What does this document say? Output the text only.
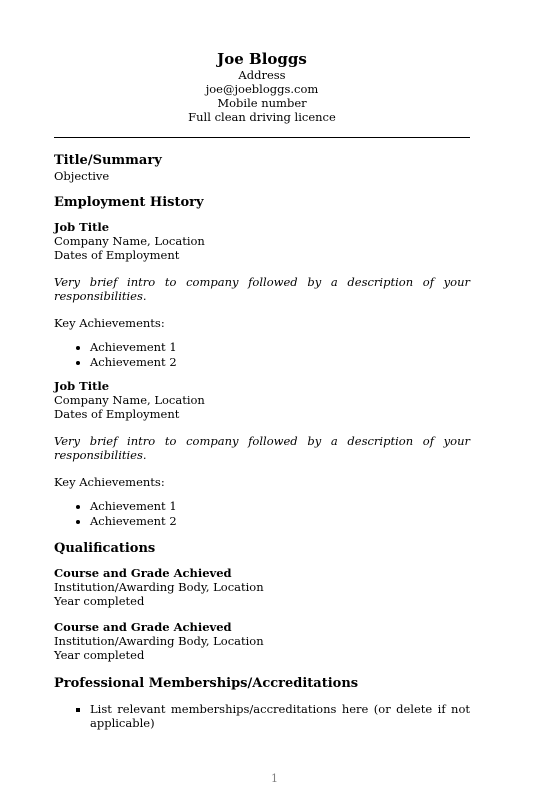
Joe Bloggs
Address
joe@joebloggs.com
Mobile number
Full clean driving licence
Title/Summary
Objective
Employment History
Job Title
Company Name, Location
Dates of Employment
Very brief intro to company followed by a description of your responsibilities.
Key Achievements:
• Achievement 1
• Achievement 2
Job Title
Company Name, Location
Dates of Employment
Very brief intro to company followed by a description of your responsibilities.
Key Achievements:
• Achievement 1
• Achievement 2
Qualifications
Course and Grade Achieved
Institution/Awarding Body, Location
Year completed
Course and Grade Achieved
Institution/Awarding Body, Location
Year completed
Professional Memberships/Accreditations
▪ List relevant memberships/accreditations here (or delete if not applicable)
1
